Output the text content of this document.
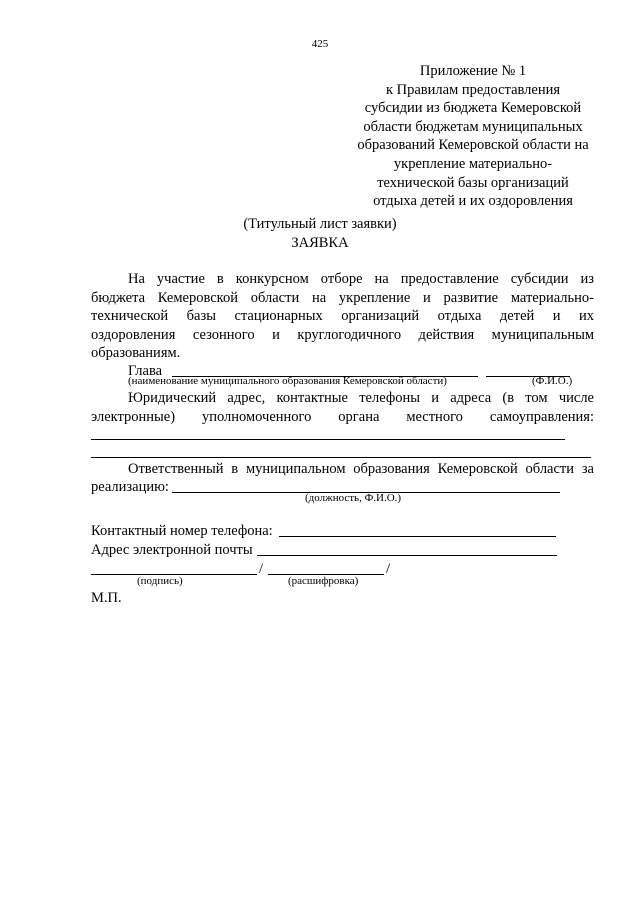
425
Приложение № 1
к Правилам предоставления
субсидии из бюджета Кемеровской
области бюджетам муниципальных
образований Кемеровской области на
укрепление материально-
технической базы организаций
отдыха детей и их оздоровления
(Титульный лист заявки)
ЗАЯВКА
На участие в конкурсном отборе на предоставление субсидии из
бюджета Кемеровской области на укрепление и развитие материально-
технической базы стационарных организаций отдыха детей и их
оздоровления сезонного и круглогодичного действия муниципальным
образованиям.
Глава
(наименование муниципального образования Кемеровской области)	(Ф.И.О.)
Юридический адрес, контактные телефоны и адреса (в том числе
электронные) уполномоченного органа местного самоуправления:
Ответственный в муниципальном образования Кемеровской области за
реализацию:
(должность, Ф.И.О.)
Контактный номер телефона:
Адрес электронной почты
/	/
(подпись)	(расшифровка)
М.П.
